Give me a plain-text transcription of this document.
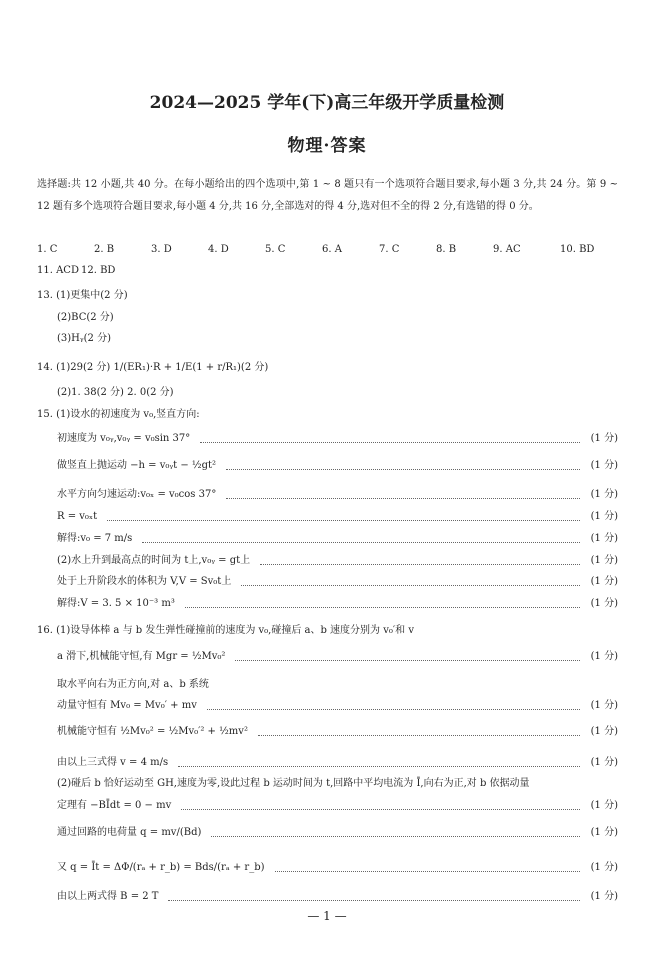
2024—2025 学年(下)高三年级开学质量检测
物理·答案
选择题:共 12 小题,共 40 分。在每小题给出的四个选项中,第 1 ~ 8 题只有一个选项符合题目要求,每小题 3 分,共 24 分。第 9 ~ 12 题有多个选项符合题目要求,每小题 4 分,共 16 分,全部选对的得 4 分,选对但不全的得 2 分,有选错的得 0 分。
1. C	2. B	3. D	4. D	5. C	6. A	7. C	8. B	9. AC	10. BD
11. ACD 12. BD
13. (1)更集中(2 分)
(2)BC(2 分)
(3)Hᵧ(2 分)
14. (1)29(2 分) 1/(ER₁)·R + 1/E(1 + r/R₁)(2 分)
(2)1. 38(2 分) 2. 0(2 分)
15. (1)设水的初速度为 v₀,竖直方向:
初速度为 v₀ᵧ,v₀ᵧ = v₀sin 37°	(1 分)
做竖直上抛运动 −h = v₀ᵧt − ½gt²	(1 分)
水平方向匀速运动:v₀ₓ = v₀cos 37°	(1 分)
R = v₀ₓt	(1 分)
解得:v₀ = 7 m/s	(1 分)
(2)水上升到最高点的时间为 t上,v₀ᵧ = gt上	(1 分)
处于上升阶段水的体积为 V,V = Sv₀t上	(1 分)
解得:V = 3. 5 × 10⁻³ m³	(1 分)
16. (1)设导体棒 a 与 b 发生弹性碰撞前的速度为 v₀,碰撞后 a、b 速度分别为 v₀′和 v
a 滑下,机械能守恒,有 Mgr = ½Mv₀²	(1 分)
取水平向右为正方向,对 a、b 系统
动量守恒有 Mv₀ = Mv₀′ + mv	(1 分)
机械能守恒有 ½Mv₀² = ½Mv₀′² + ½mv²	(1 分)
由以上三式得 v = 4 m/s	(1 分)
(2)碰后 b 恰好运动至 GH,速度为零,设此过程 b 运动时间为 t,回路中平均电流为 Ī,向右为正,对 b 依据动量
定理有 −BĪdt = 0 − mv	(1 分)
通过回路的电荷量 q = mv/(Bd)	(1 分)
又 q = Īt = ΔΦ/(rₐ + r_b) = Bds/(rₐ + r_b)	(1 分)
由以上两式得 B = 2 T	(1 分)
— 1 —
